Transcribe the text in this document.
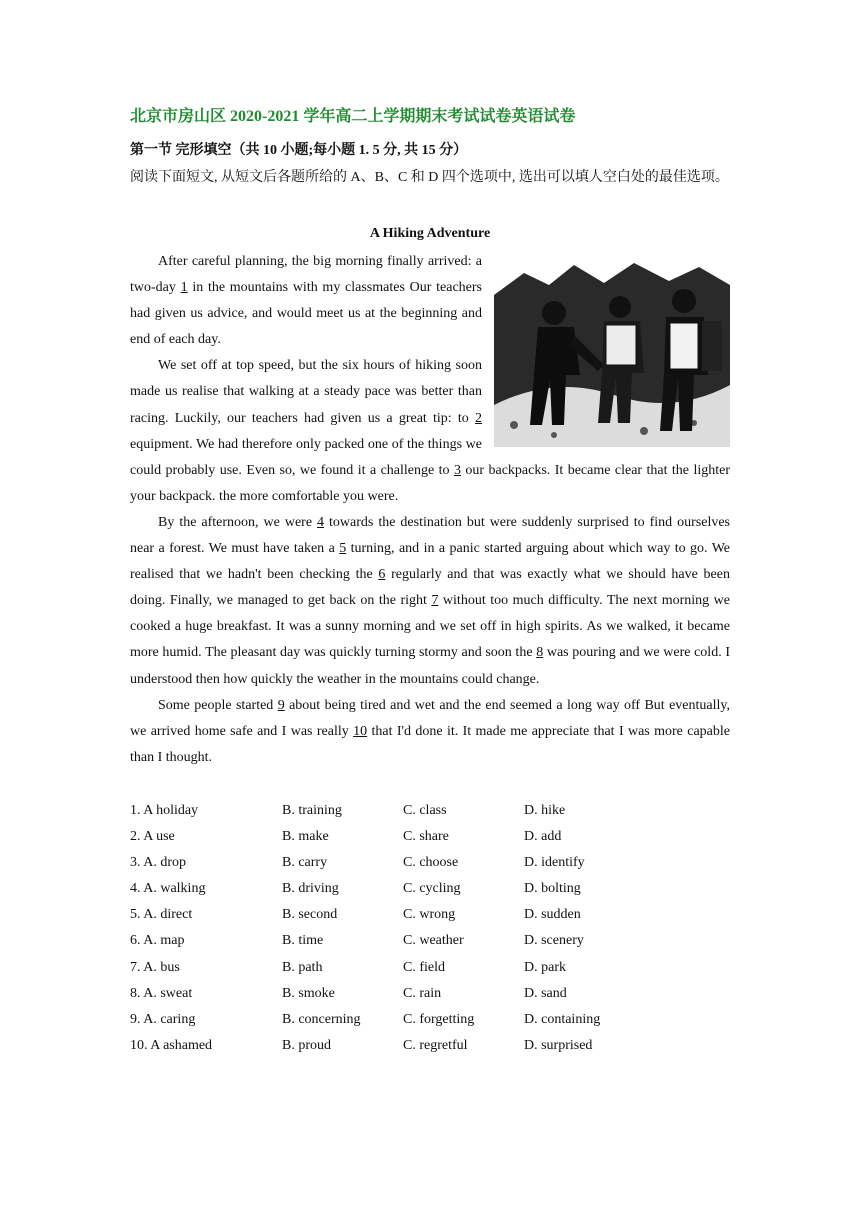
北京市房山区 2020-2021 学年高二上学期期末考试试卷英语试卷
第一节 完形填空（共 10 小题;每小题 1. 5 分, 共 15 分）
阅读下面短文, 从短文后各题所给的 A、B、C 和 D 四个选项中, 选出可以填人空白处的最佳选项。
A Hiking Adventure

After careful planning, the big morning finally arrived: a two-day 1 in the mountains with my classmates Our teachers had given us advice, and would meet us at the beginning and end of each day.

We set off at top speed, but the six hours of hiking soon made us realise that walking at a steady pace was better than racing. Luckily, our teachers had given us a great tip: to 2 equipment. We had therefore only packed one of the things we could probably use. Even so, we found it a challenge to 3 our backpacks. It became clear that the lighter your backpack. the more comfortable you were.

By the afternoon, we were 4 towards the destination but were suddenly surprised to find ourselves near a forest. We must have taken a 5 turning, and in a panic started arguing about which way to go. We realised that we hadn't been checking the 6 regularly and that was exactly what we should have been doing. Finally, we managed to get back on the right 7 without too much difficulty. The next morning we cooked a huge breakfast. It was a sunny morning and we set off in high spirits. As we walked, it became more humid. The pleasant day was quickly turning stormy and soon the 8 was pouring and we were cold. I understood then how quickly the weather in the mountains could change.

Some people started 9 about being tired and wet and the end seemed a long way off But eventually, we arrived home safe and I was really 10 that I'd done it. It made me appreciate that I was more capable than I thought.

1. A holiday	B. training	C. class	D. hike
2. A use	B. make	C. share	D. add
3. A. drop	B. carry	C. choose	D. identify
4. A. walking	B. driving	C. cycling	D. bolting
5. A. direct	B. second	C. wrong	D. sudden
6. A. map	B. time	C. weather	D. scenery
7. A. bus	B. path	C. field	D. park
8. A. sweat	B. smoke	C. rain	D. sand
9. A. caring	B. concerning	C. forgetting	D. containing
10. A ashamed	B. proud	C. regretful	D. surprised
